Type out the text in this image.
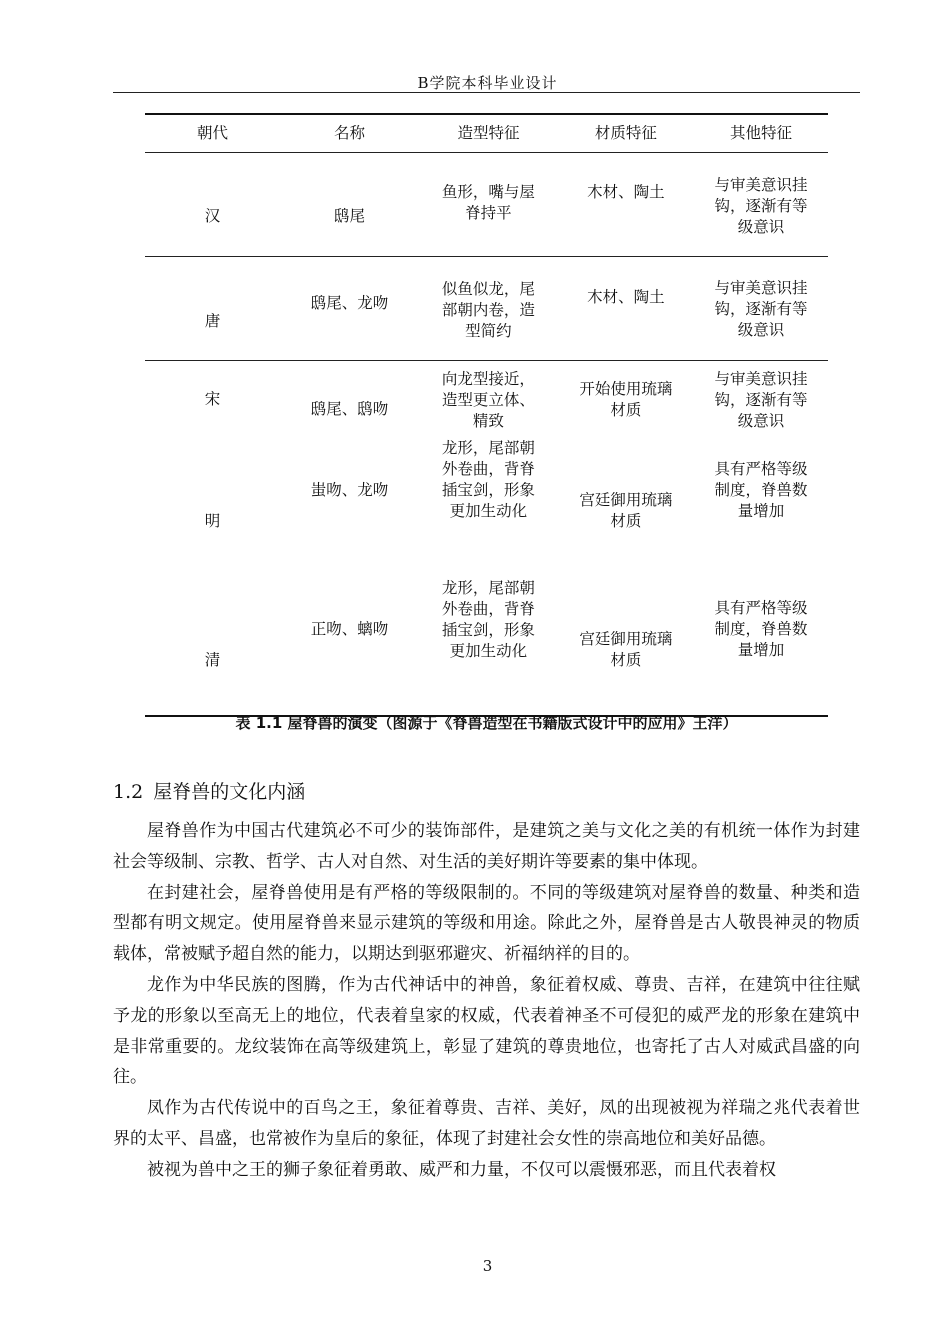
B学院本科毕业设计
朝代	名称	造型特征	材质特征	其他特征

汉	鸱尾	鱼形，嘴与屋脊持平	木材、陶土	与审美意识挂钩，逐渐有等级意识

唐	鸱尾、龙吻	似鱼似龙，尾部朝内卷，造型简约	木材、陶土	与审美意识挂钩，逐渐有等级意识

宋	鸱尾、鸱吻	向龙型接近，造型更立体、精致	开始使用琉璃材质	与审美意识挂钩，逐渐有等级意识

明	蚩吻、龙吻	龙形，尾部朝外卷曲，背脊插宝剑，形象更加生动化	宫廷御用琉璃材质	具有严格等级制度，脊兽数量增加

清	正吻、螭吻	龙形，尾部朝外卷曲，背脊插宝剑，形象更加生动化	宫廷御用琉璃材质	具有严格等级制度，脊兽数量增加
表 1.1 屋脊兽的演变（图源于《脊兽造型在书籍版式设计中的应用》王洋）
1.2 屋脊兽的文化内涵

屋脊兽作为中国古代建筑必不可少的装饰部件，是建筑之美与文化之美的有机统一体作为封建社会等级制、宗教、哲学、古人对自然、对生活的美好期许等要素的集中体现。

在封建社会，屋脊兽使用是有严格的等级限制的。不同的等级建筑对屋脊兽的数量、种类和造型都有明文规定。使用屋脊兽来显示建筑的等级和用途。除此之外，屋脊兽是古人敬畏神灵的物质载体，常被赋予超自然的能力，以期达到驱邪避灾、祈福纳祥的目的。

龙作为中华民族的图腾，作为古代神话中的神兽，象征着权威、尊贵、吉祥，在建筑中往往赋予龙的形象以至高无上的地位，代表着皇家的权威，代表着神圣不可侵犯的威严龙的形象在建筑中是非常重要的。龙纹装饰在高等级建筑上，彰显了建筑的尊贵地位，也寄托了古人对威武昌盛的向往。

凤作为古代传说中的百鸟之王，象征着尊贵、吉祥、美好，凤的出现被视为祥瑞之兆代表着世界的太平、昌盛，也常被作为皇后的象征，体现了封建社会女性的崇高地位和美好品德。

被视为兽中之王的狮子象征着勇敢、威严和力量，不仅可以震慑邪恶，而且代表着权

3
